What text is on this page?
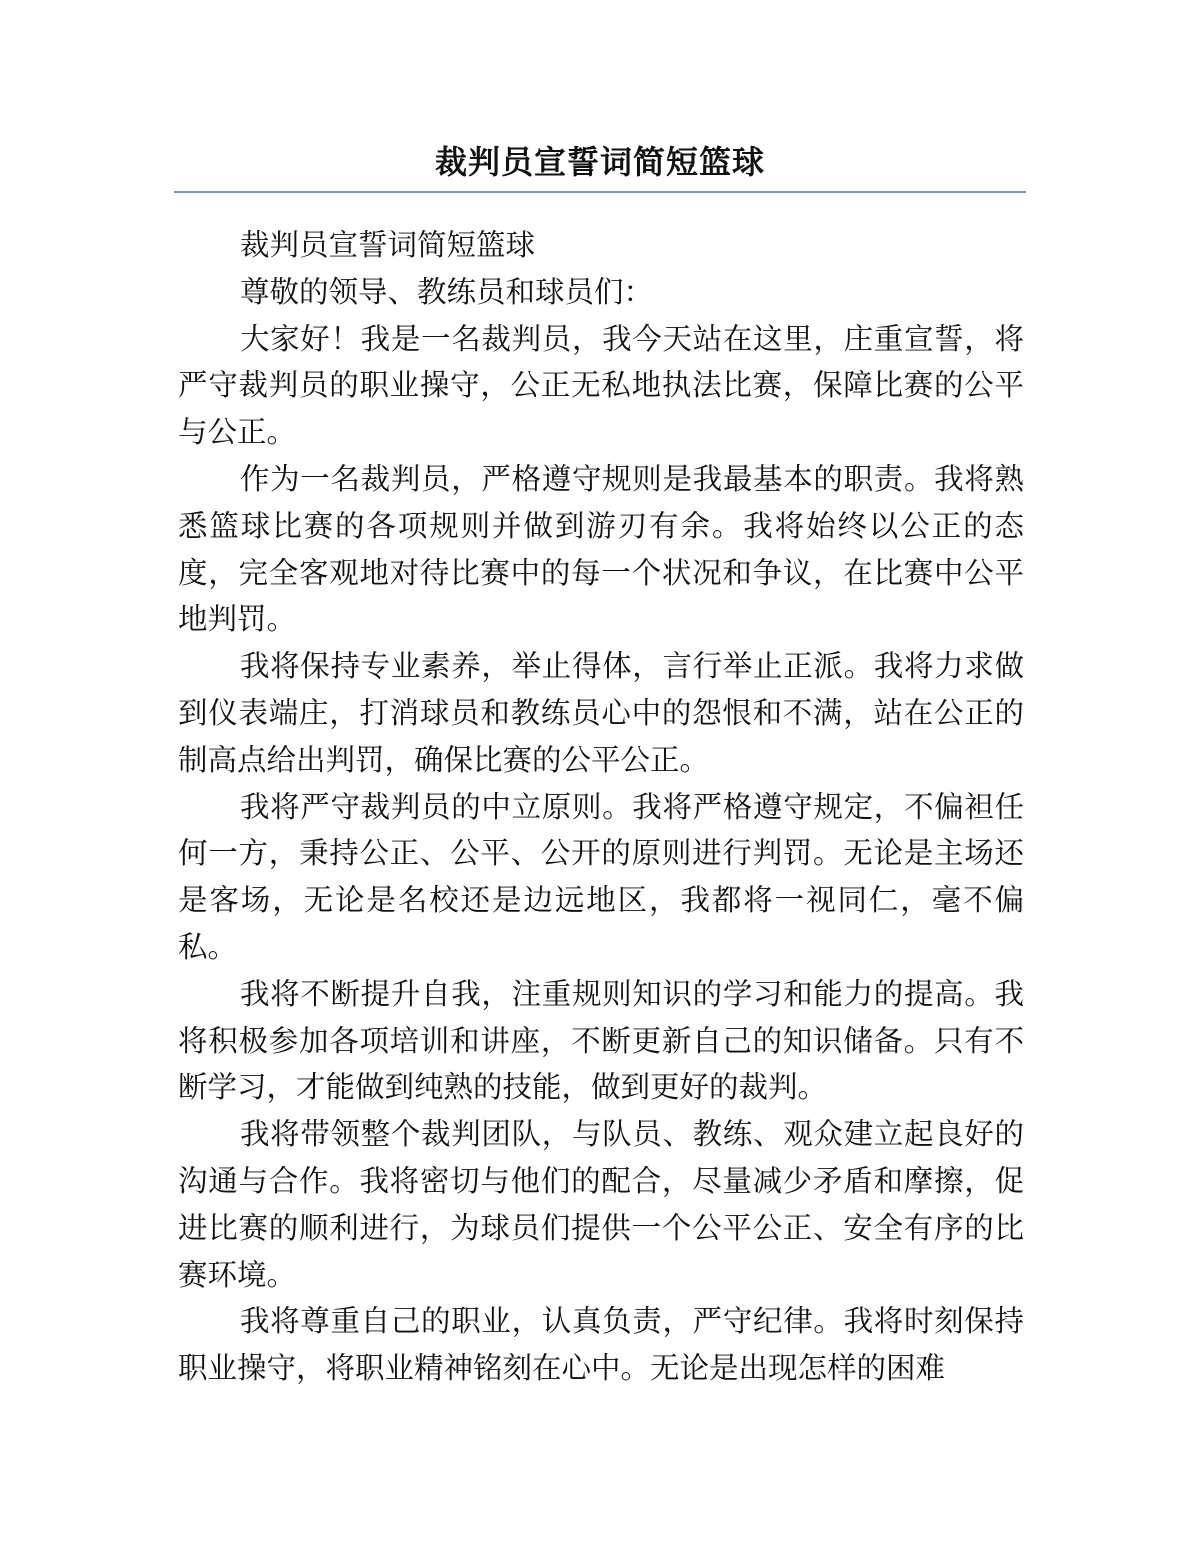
裁判员宣誓词简短篮球

裁判员宣誓词简短篮球

尊敬的领导、教练员和球员们：

大家好！我是一名裁判员，我今天站在这里，庄重宣誓，将严守裁判员的职业操守，公正无私地执法比赛，保障比赛的公平与公正。

作为一名裁判员，严格遵守规则是我最基本的职责。我将熟悉篮球比赛的各项规则并做到游刃有余。我将始终以公正的态度，完全客观地对待比赛中的每一个状况和争议，在比赛中公平地判罚。

我将保持专业素养，举止得体，言行举止正派。我将力求做到仪表端庄，打消球员和教练员心中的怨恨和不满，站在公正的制高点给出判罚，确保比赛的公平公正。

我将严守裁判员的中立原则。我将严格遵守规定，不偏袒任何一方，秉持公正、公平、公开的原则进行判罚。无论是主场还是客场，无论是名校还是边远地区，我都将一视同仁，毫不偏私。

我将不断提升自我，注重规则知识的学习和能力的提高。我将积极参加各项培训和讲座，不断更新自己的知识储备。只有不断学习，才能做到纯熟的技能，做到更好的裁判。

我将带领整个裁判团队，与队员、教练、观众建立起良好的沟通与合作。我将密切与他们的配合，尽量减少矛盾和摩擦，促进比赛的顺利进行，为球员们提供一个公平公正、安全有序的比赛环境。

我将尊重自己的职业，认真负责，严守纪律。我将时刻保持职业操守，将职业精神铭刻在心中。无论是出现怎样的困难
